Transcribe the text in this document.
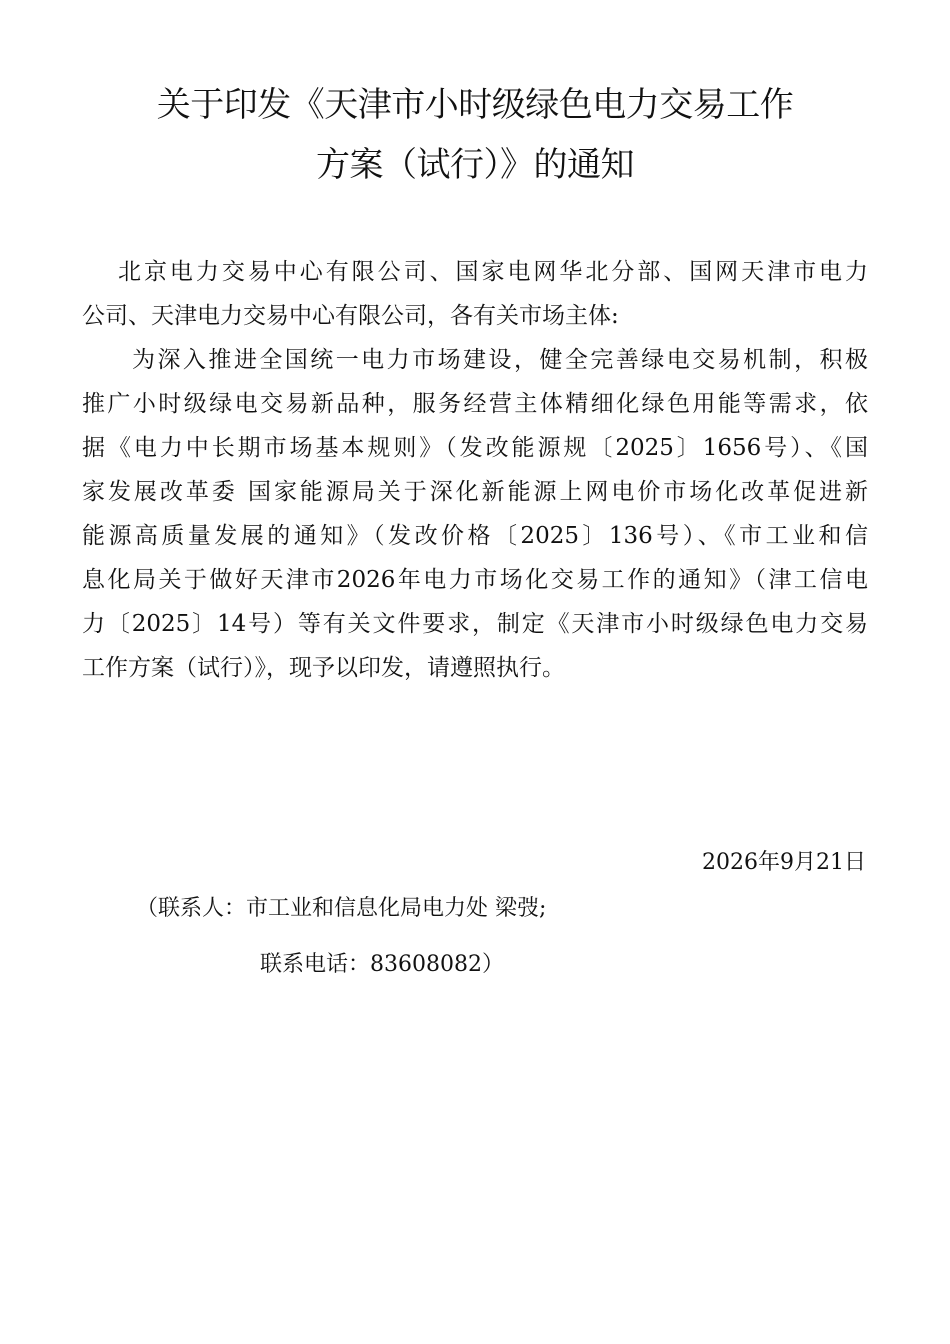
关于印发《天津市小时级绿色电力交易工作
方案（试行）》的通知
北京电力交易中心有限公司、国家电网华北分部、国网天津市电力
公司、天津电力交易中心有限公司，各有关市场主体:
为深入推进全国统一电力市场建设，健全完善绿电交易机制，积极
推广小时级绿电交易新品种，服务经营主体精细化绿色用能等需求，依
据《电力中长期市场基本规则》（发改能源规〔2025〕1656号）、《国
家发展改革委 国家能源局关于深化新能源上网电价市场化改革促进新
能源高质量发展的通知》（发改价格〔2025〕136号）、《市工业和信
息化局关于做好天津市2026年电力市场化交易工作的通知》（津工信电
力〔2025〕14号）等有关文件要求，制定《天津市小时级绿色电力交易
工作方案（试行）》，现予以印发，请遵照执行。
2026年9月21日
（联系人：市工业和信息化局电力处 梁弢;
联系电话：83608082）
